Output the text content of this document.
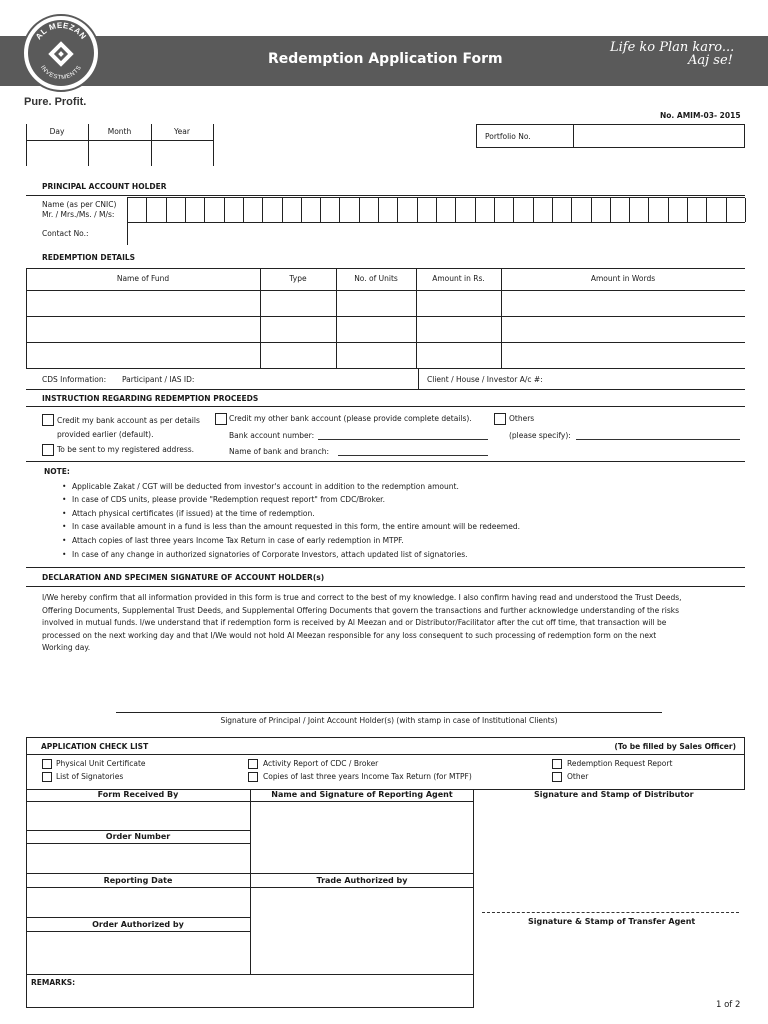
AL MEEZAN
INVESTMENTS
Pure. Profit.
Redemption Application Form
Life ko Plan karo...
Aaj se!
No. AMIM-03- 2015
Day	Month	Year
Portfolio No.
PRINCIPAL ACCOUNT HOLDER
Name (as per CNIC)
Mr. / Mrs./Ms. / M/s:
Contact No.:
REDEMPTION DETAILS
Name of Fund	Type	No. of Units	Amount in Rs.	Amount in Words
CDS Information: Participant / IAS ID:	Client / House / Investor A/c #:
INSTRUCTION REGARDING REDEMPTION PROCEEDS
Credit my bank account as per details
provided earlier (default).
To be sent to my registered address.
Credit my other bank account (please provide complete details).
Bank account number:
Name of bank and branch:
Others
(please specify):
NOTE:
• Applicable Zakat / CGT will be deducted from investor's account in addition to the redemption amount.
• In case of CDS units, please provide "Redemption request report" from CDC/Broker.
• Attach physical certificates (if issued) at the time of redemption.
• In case available amount in a fund is less than the amount requested in this form, the entire amount will be redeemed.
• Attach copies of last three years Income Tax Return in case of early redemption in MTPF.
• In case of any change in authorized signatories of Corporate Investors, attach updated list of signatories.
DECLARATION AND SPECIMEN SIGNATURE OF ACCOUNT HOLDER(s)
I/We hereby confirm that all information provided in this form is true and correct to the best of my knowledge. I also confirm having read and understood the Trust Deeds,
Offering Documents, Supplemental Trust Deeds, and Supplemental Offering Documents that govern the transactions and further acknowledge understanding of the risks
involved in mutual funds. I/we understand that if redemption form is received by Al Meezan and or Distributor/Facilitator after the cut off time, that transaction will be
processed on the next working day and that I/We would not hold Al Meezan responsible for any loss consequent to such processing of redemption form on the next
Working day.
Signature of Principal / Joint Account Holder(s) (with stamp in case of Institutional Clients)
APPLICATION CHECK LIST	(To be filled by Sales Officer)
Physical Unit Certificate
List of Signatories
Activity Report of CDC / Broker
Copies of last three years Income Tax Return (for MTPF)
Redemption Request Report
Other
Form Received By	Name and Signature of Reporting Agent
Order Number
Reporting Date	Trade Authorized by
Order Authorized by
REMARKS:
Signature and Stamp of Distributor
Signature & Stamp of Transfer Agent
1 of 2
